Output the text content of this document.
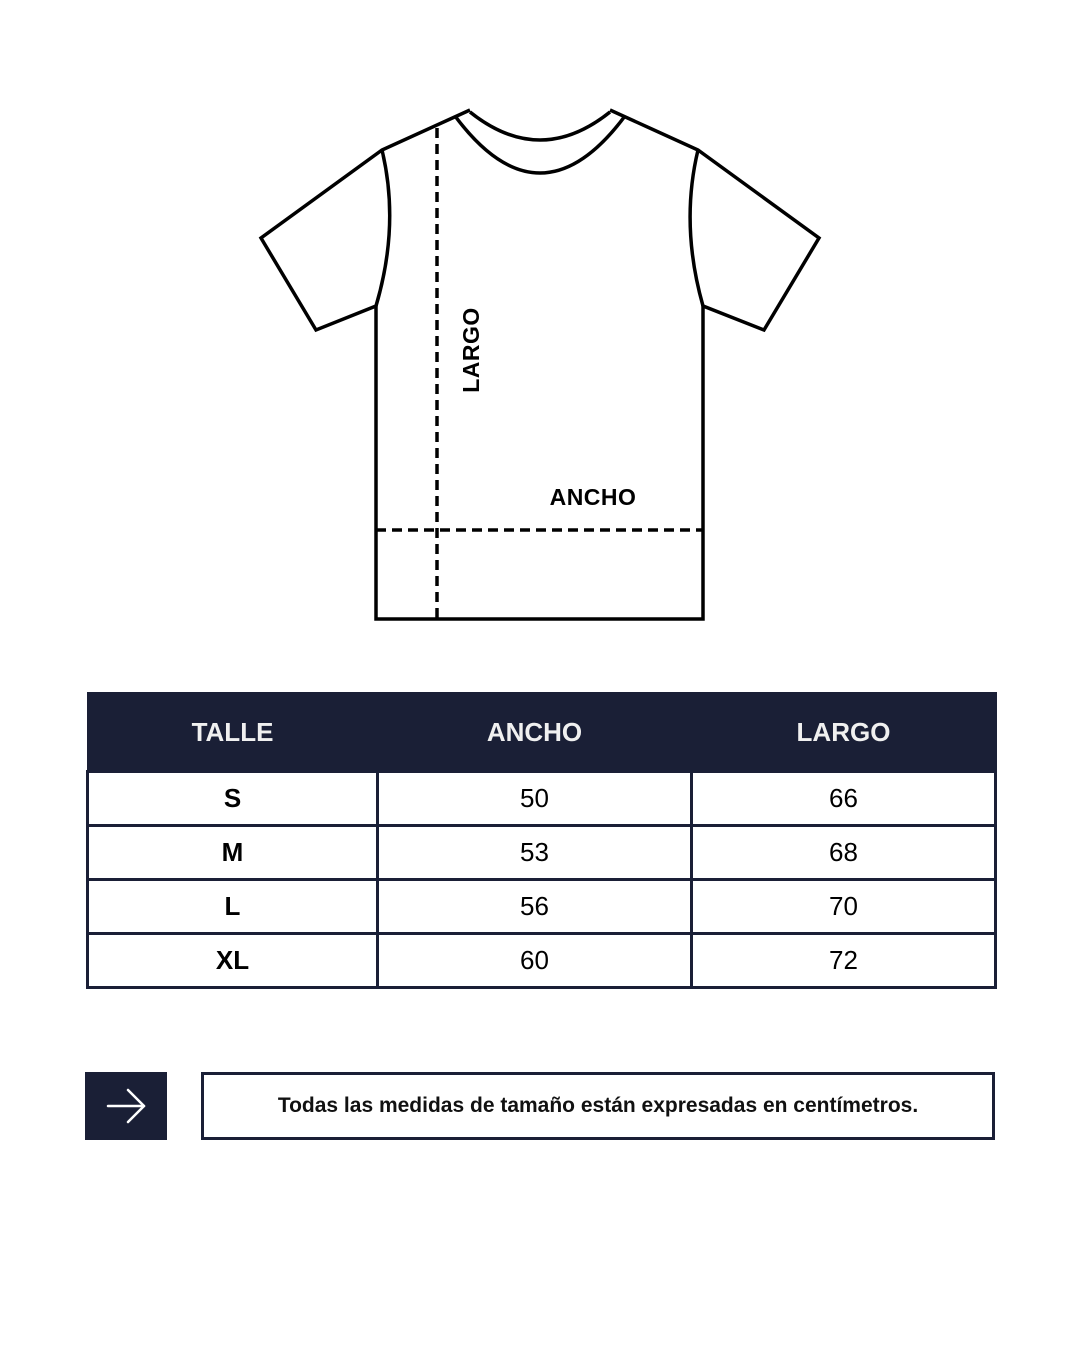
LARGO
ANCHO
TALLE	ANCHO	LARGO
S	50	66
M	53	68
L	56	70
XL	60	72
Todas las medidas de tamaño están expresadas en centímetros.
